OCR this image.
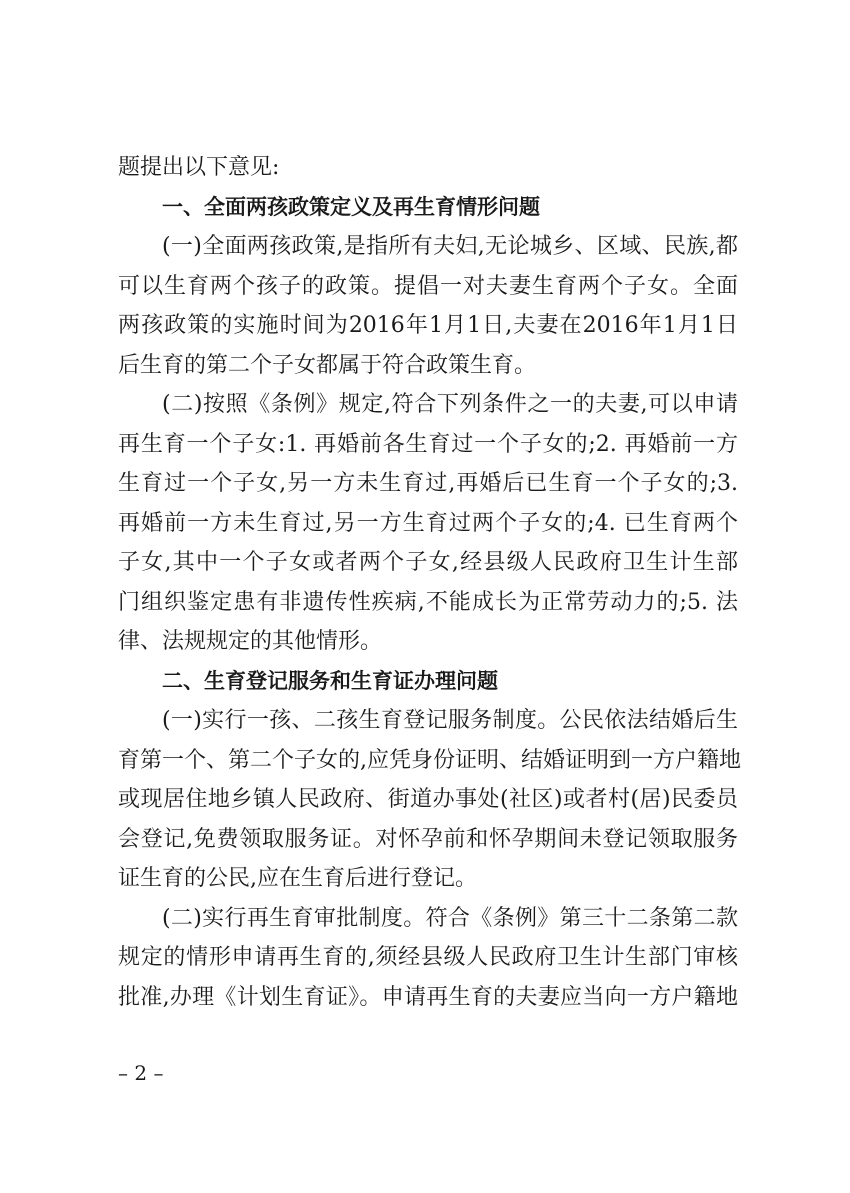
题提出以下意见:
一、全面两孩政策定义及再生育情形问题
(一)全面两孩政策,是指所有夫妇,无论城乡、区域、民族,都
可以生育两个孩子的政策。提倡一对夫妻生育两个子女。全面
两孩政策的实施时间为2016年1月1日,夫妻在2016年1月1日
后生育的第二个子女都属于符合政策生育。
(二)按照《条例》规定,符合下列条件之一的夫妻,可以申请
再生育一个子女:1. 再婚前各生育过一个子女的;2. 再婚前一方
生育过一个子女,另一方未生育过,再婚后已生育一个子女的;3.
再婚前一方未生育过,另一方生育过两个子女的;4. 已生育两个
子女,其中一个子女或者两个子女,经县级人民政府卫生计生部
门组织鉴定患有非遗传性疾病,不能成长为正常劳动力的;5. 法
律、法规规定的其他情形。
二、生育登记服务和生育证办理问题
(一)实行一孩、二孩生育登记服务制度。公民依法结婚后生
育第一个、第二个子女的,应凭身份证明、结婚证明到一方户籍地
或现居住地乡镇人民政府、街道办事处(社区)或者村(居)民委员
会登记,免费领取服务证。对怀孕前和怀孕期间未登记领取服务
证生育的公民,应在生育后进行登记。
(二)实行再生育审批制度。符合《条例》第三十二条第二款
规定的情形申请再生育的,须经县级人民政府卫生计生部门审核
批准,办理《计划生育证》。申请再生育的夫妻应当向一方户籍地
– 2 –
